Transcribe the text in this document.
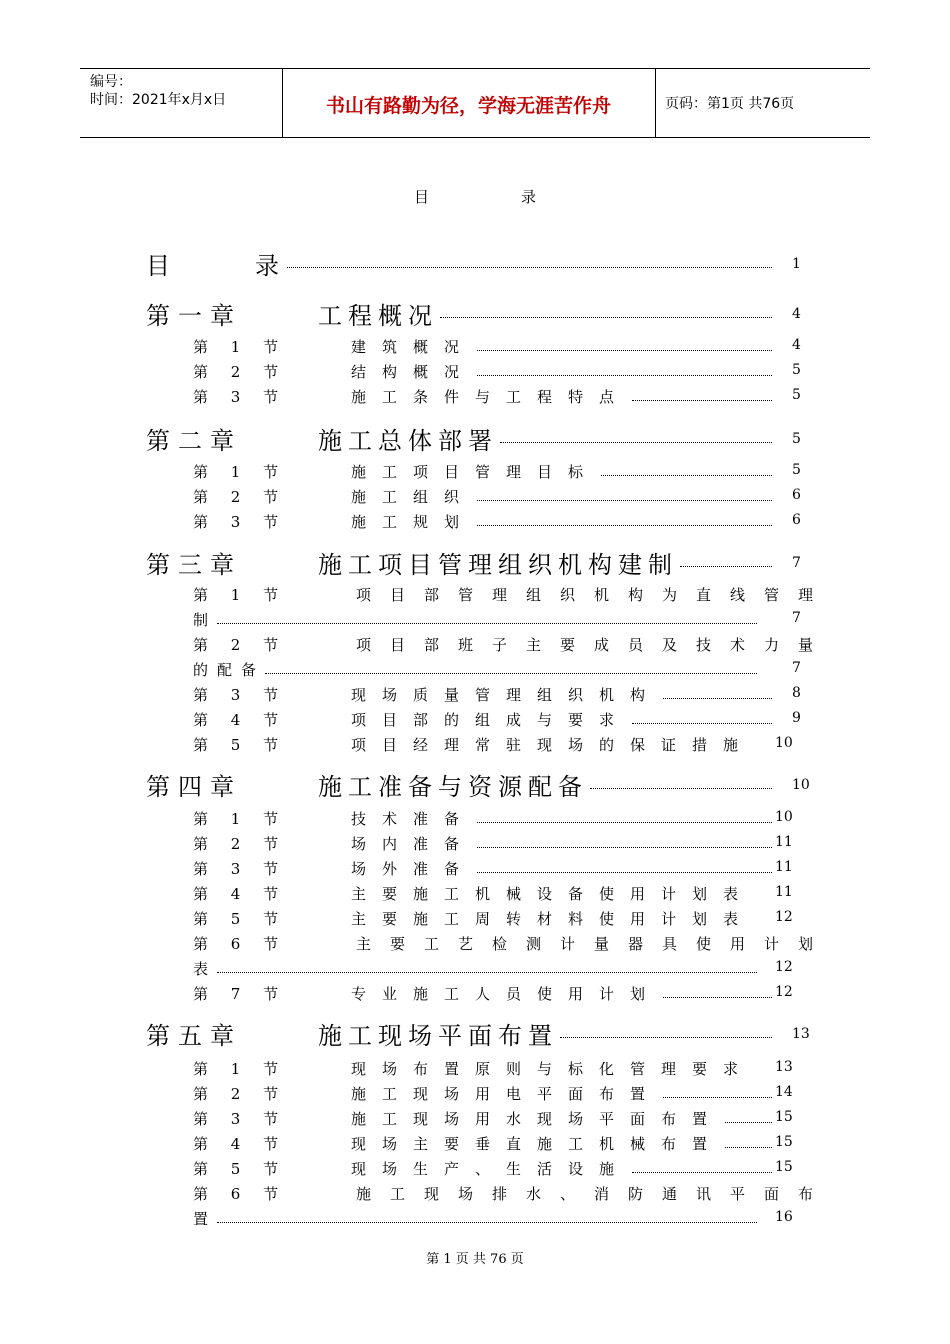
编号：
时间：2021年x月x日	书山有路勤为径，学海无涯苦作舟	页码：第1页 共76页
目	录
目	录	1
第一章	工程概况	4
第 1 节	建筑概况	4
第 2 节	结构概况	5
第 3 节	施工条件与工程特点	5
第二章	施工总体部署	5
第 1 节	施工项目管理目标	5
第 2 节	施工组织	6
第 3 节	施工规划	6
第三章	施工项目管理组织机构建制	7
第 1 节	项目部管理组织机构为直线管理
制	7
第 2 节	项目部班子主要成员及技术力量
的配备	7
第 3 节	现场质量管理组织机构	8
第 4 节	项目部的组成与要求	9
第 5 节	项目经理常驻现场的保证措施 10
第四章	施工准备与资源配备	10
第 1 节	技术准备	10
第 2 节	场内准备	11
第 3 节	场外准备	11
第 4 节	主要施工机械设备使用计划表 11
第 5 节	主要施工周转材料使用计划表 12
第 6 节	主要工艺检测计量器具使用计划
表	12
第 7 节	专业施工人员使用计划	12
第五章	施工现场平面布置	13
第 1 节	现场布置原则与标化管理要求 13
第 2 节	施工现场用电平面布置	14
第 3 节	施工现场用水现场平面布置	15
第 4 节	现场主要垂直施工机械布置	15
第 5 节	现场生产、生活设施	15
第 6 节	施工现场排水、消防通讯平面布
置	16
第 1 页 共 76 页
